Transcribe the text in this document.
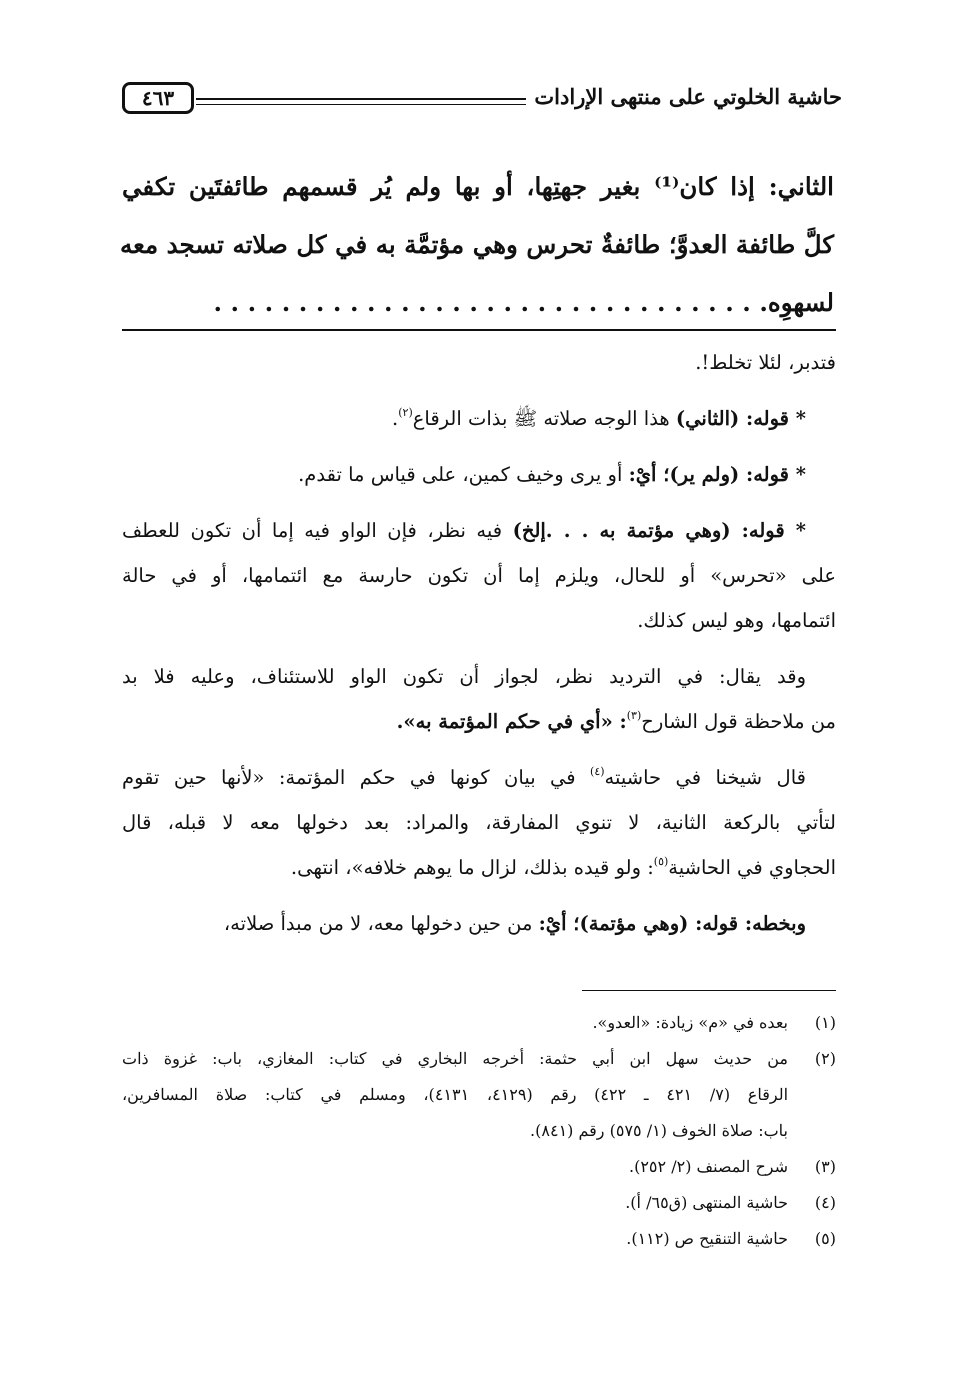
حاشية الخلوتي على منتهى الإرادات
٤٦٣
الثاني: إذا كان⁽¹⁾ بغير جهتِها، أو بها ولم يُر قسمهم طائفتَين تكفي
كلَّ طائفة العدوَّ؛ طائفةٌ تحرس وهي مؤتمَّة به في كل صلاته تسجد معه
لسهوِه. . . . . . . . . . . . . . . . . . . . . . . . . . . . . . . . .
فتدبر، لئلا تخلط!.
* قوله: (الثاني) هذا الوجه صلاته ﷺ بذات الرقاع$^{(٢)}$.
* قوله: (ولم ير)؛ أيْ: أو يرى وخيف كمين، على قياس ما تقدم.
* قوله: (وهي مؤتمة به . . .إلخ) فيه نظر، فإن الواو فيه إما أن تكون للعطف
على «تحرس» أو للحال، ويلزم إما أن تكون حارسة مع ائتمامها، أو في حالة
ائتمامها، وهو ليس كذلك.
وقد يقال: في الترديد نظر، لجواز أن تكون الواو للاستئناف، وعليه فلا بد
من ملاحظة قول الشارح$^{(٣)}$: «أي في حكم المؤتمة به».
قال شيخنا في حاشيته$^{(٤)}$ في بيان كونها في حكم المؤتمة: «لأنها حين تقوم
لتأتي بالركعة الثانية، لا تنوي المفارقة، والمراد: بعد دخولها معه لا قبله، قال
الحجاوي في الحاشية$^{(٥)}$: ولو قيده بذلك، لزال ما يوهم خلافه»، انتهى.
وبخطه: قوله: (وهي مؤتمة)؛ أيْ: من حين دخولها معه، لا من مبدأ صلاته،
(١)
بعده في «م» زيادة: «العدو».
(٢)
من حديث سهل ابن أبي حثمة: أخرجه البخاري في كتاب: المغازي، باب: غزوة ذات
الرقاع (٧/ ٤٢١ ـ ٤٢٢) رقم (٤١٢٩، ٤١٣١)، ومسلم في كتاب: صلاة المسافرين،
باب: صلاة الخوف (١/ ٥٧٥) رقم (٨٤١).
(٣)
شرح المصنف (٢/ ٢٥٢).
(٤)
حاشية المنتهى (ق٦٥/ أ).
(٥)
حاشية التنقيح ص (١١٢).
